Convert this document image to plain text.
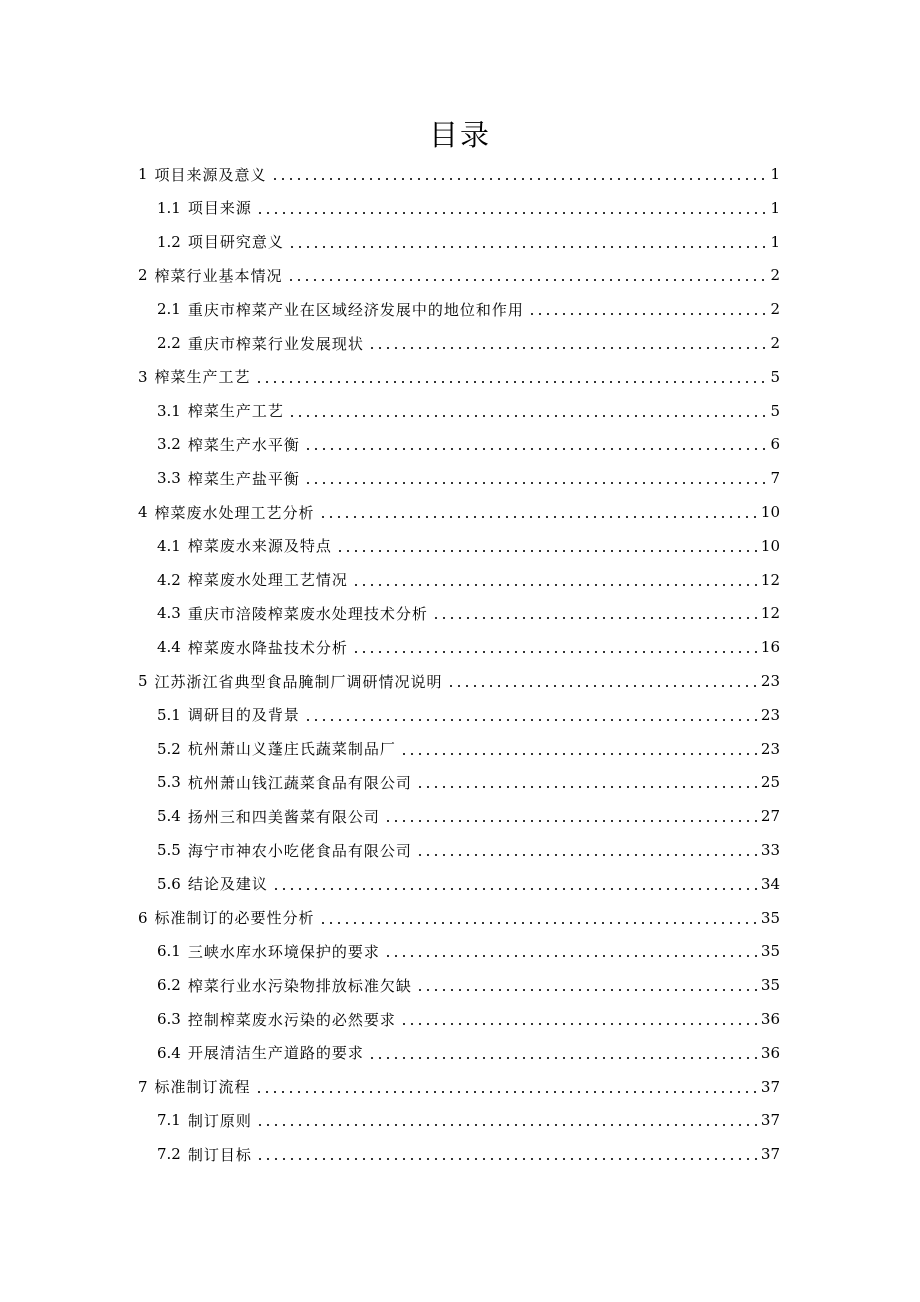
目录
1 项目来源及意义	1
1.1 项目来源	1
1.2 项目研究意义	1
2 榨菜行业基本情况	2
2.1 重庆市榨菜产业在区域经济发展中的地位和作用	2
2.2 重庆市榨菜行业发展现状	2
3 榨菜生产工艺	5
3.1 榨菜生产工艺	5
3.2 榨菜生产水平衡	6
3.3 榨菜生产盐平衡	7
4 榨菜废水处理工艺分析	10
4.1 榨菜废水来源及特点	10
4.2 榨菜废水处理工艺情况	12
4.3 重庆市涪陵榨菜废水处理技术分析	12
4.4 榨菜废水降盐技术分析	16
5 江苏浙江省典型食品腌制厂调研情况说明	23
5.1 调研目的及背景	23
5.2 杭州萧山义蓬庄氏蔬菜制品厂	23
5.3 杭州萧山钱江蔬菜食品有限公司	25
5.4 扬州三和四美酱菜有限公司	27
5.5 海宁市神农小吃佬食品有限公司	33
5.6 结论及建议	34
6 标准制订的必要性分析	35
6.1 三峡水库水环境保护的要求	35
6.2 榨菜行业水污染物排放标准欠缺	35
6.3 控制榨菜废水污染的必然要求	36
6.4 开展清洁生产道路的要求	36
7 标准制订流程	37
7.1 制订原则	37
7.2 制订目标	37
